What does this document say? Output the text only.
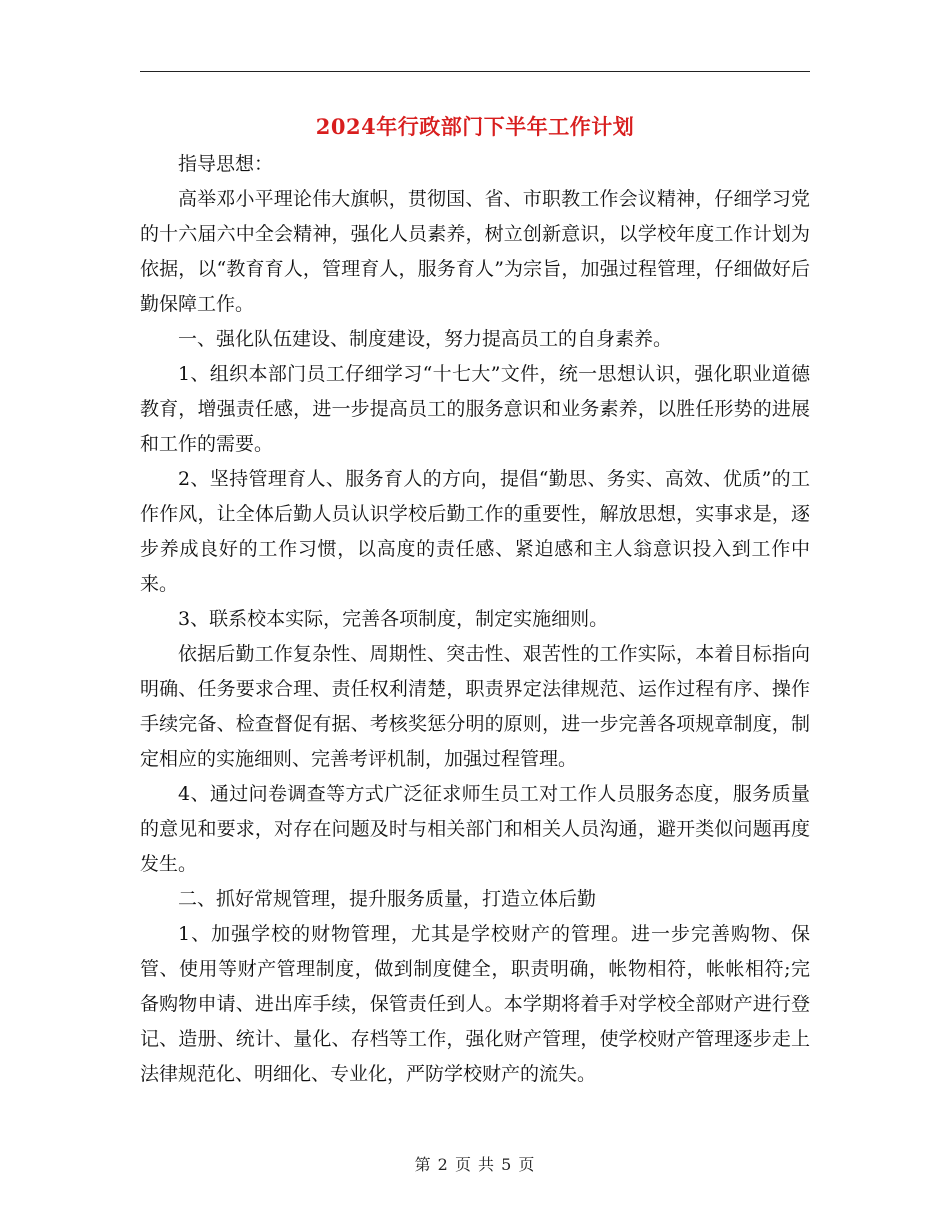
2024年行政部门下半年工作计划

指导思想：

高举邓小平理论伟大旗帜，贯彻国、省、市职教工作会议精神，仔细学习党的十六届六中全会精神，强化人员素养，树立创新意识，以学校年度工作计划为依据，以“教育育人，管理育人，服务育人”为宗旨，加强过程管理，仔细做好后勤保障工作。

一、强化队伍建设、制度建设，努力提高员工的自身素养。

1、组织本部门员工仔细学习“十七大”文件，统一思想认识，强化职业道德教育，增强责任感，进一步提高员工的服务意识和业务素养，以胜任形势的进展和工作的需要。

2、坚持管理育人、服务育人的方向，提倡“勤思、务实、高效、优质”的工作作风，让全体后勤人员认识学校后勤工作的重要性，解放思想，实事求是，逐步养成良好的工作习惯，以高度的责任感、紧迫感和主人翁意识投入到工作中来。

3、联系校本实际，完善各项制度，制定实施细则。

依据后勤工作复杂性、周期性、突击性、艰苦性的工作实际，本着目标指向明确、任务要求合理、责任权利清楚，职责界定法律规范、运作过程有序、操作手续完备、检查督促有据、考核奖惩分明的原则，进一步完善各项规章制度，制定相应的实施细则、完善考评机制，加强过程管理。

4、通过问卷调查等方式广泛征求师生员工对工作人员服务态度，服务质量的意见和要求，对存在问题及时与相关部门和相关人员沟通，避开类似问题再度发生。

二、抓好常规管理，提升服务质量，打造立体后勤

1、加强学校的财物管理，尤其是学校财产的管理。进一步完善购物、保管、使用等财产管理制度，做到制度健全，职责明确，帐物相符，帐帐相符;完备购物申请、进出库手续，保管责任到人。本学期将着手对学校全部财产进行登记、造册、统计、量化、存档等工作，强化财产管理，使学校财产管理逐步走上法律规范化、明细化、专业化，严防学校财产的流失。

第 2 页 共 5 页
